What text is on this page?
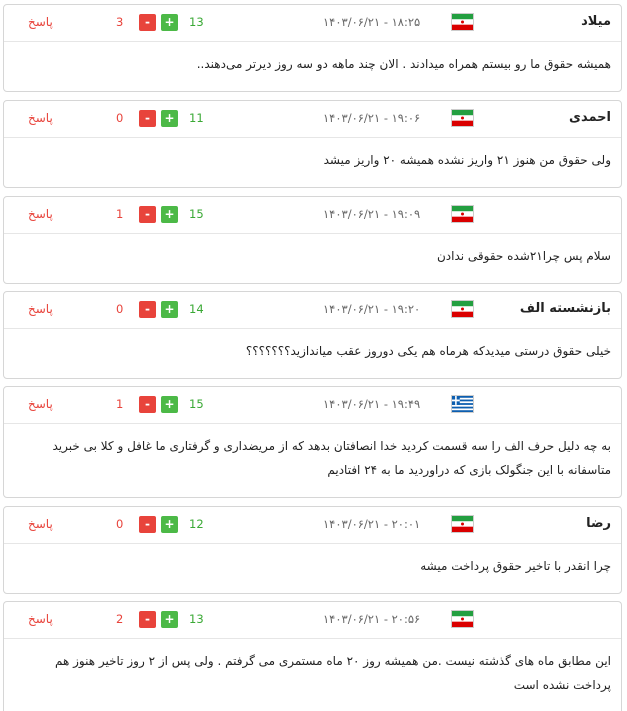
میلاد
۱۴۰۳/۰۶/۲۱ - ۱۸:۲۵
13
+
-
3
پاسخ
همیشه حقوق ما رو بیستم همراه میدادند . الان چند ماهه دو سه روز دیرتر می‌دهند..
احمدی
۱۴۰۳/۰۶/۲۱ - ۱۹:۰۶
11
+
-
0
پاسخ
ولی حقوق من هنوز ۲۱ واریز نشده همیشه ۲۰ واریز میشد
۱۴۰۳/۰۶/۲۱ - ۱۹:۰۹
15
+
-
1
پاسخ
سلام پس چرا۲۱شده حقوقی ندادن
بازنشسته الف
۱۴۰۳/۰۶/۲۱ - ۱۹:۲۰
14
+
-
0
پاسخ
خیلی حقوق درستی میدیدکه هرماه هم یکی دوروز عقب میاندازید؟؟؟؟؟؟؟
۱۴۰۳/۰۶/۲۱ - ۱۹:۴۹
15
+
-
1
پاسخ
به چه دلیل حرف الف را سه قسمت کردید خدا انصافتان بدهد که از مریضداری و گرفتاری ما غافل و کلا بی خبرید متاسفانه با این جنگولک بازی که دراوردید ما به ۲۴ افتادیم
رضا
۱۴۰۳/۰۶/۲۱ - ۲۰:۰۱
12
+
-
0
پاسخ
چرا انقدر با تاخیر حقوق پرداخت میشه
۱۴۰۳/۰۶/۲۱ - ۲۰:۵۶
13
+
-
2
پاسخ
این مطابق ماه های گذشته نیست .من همیشه روز ۲۰ ماه مستمری می گرفتم . ولی پس از ۲ روز تاخیر هنوز هم پرداخت نشده است
